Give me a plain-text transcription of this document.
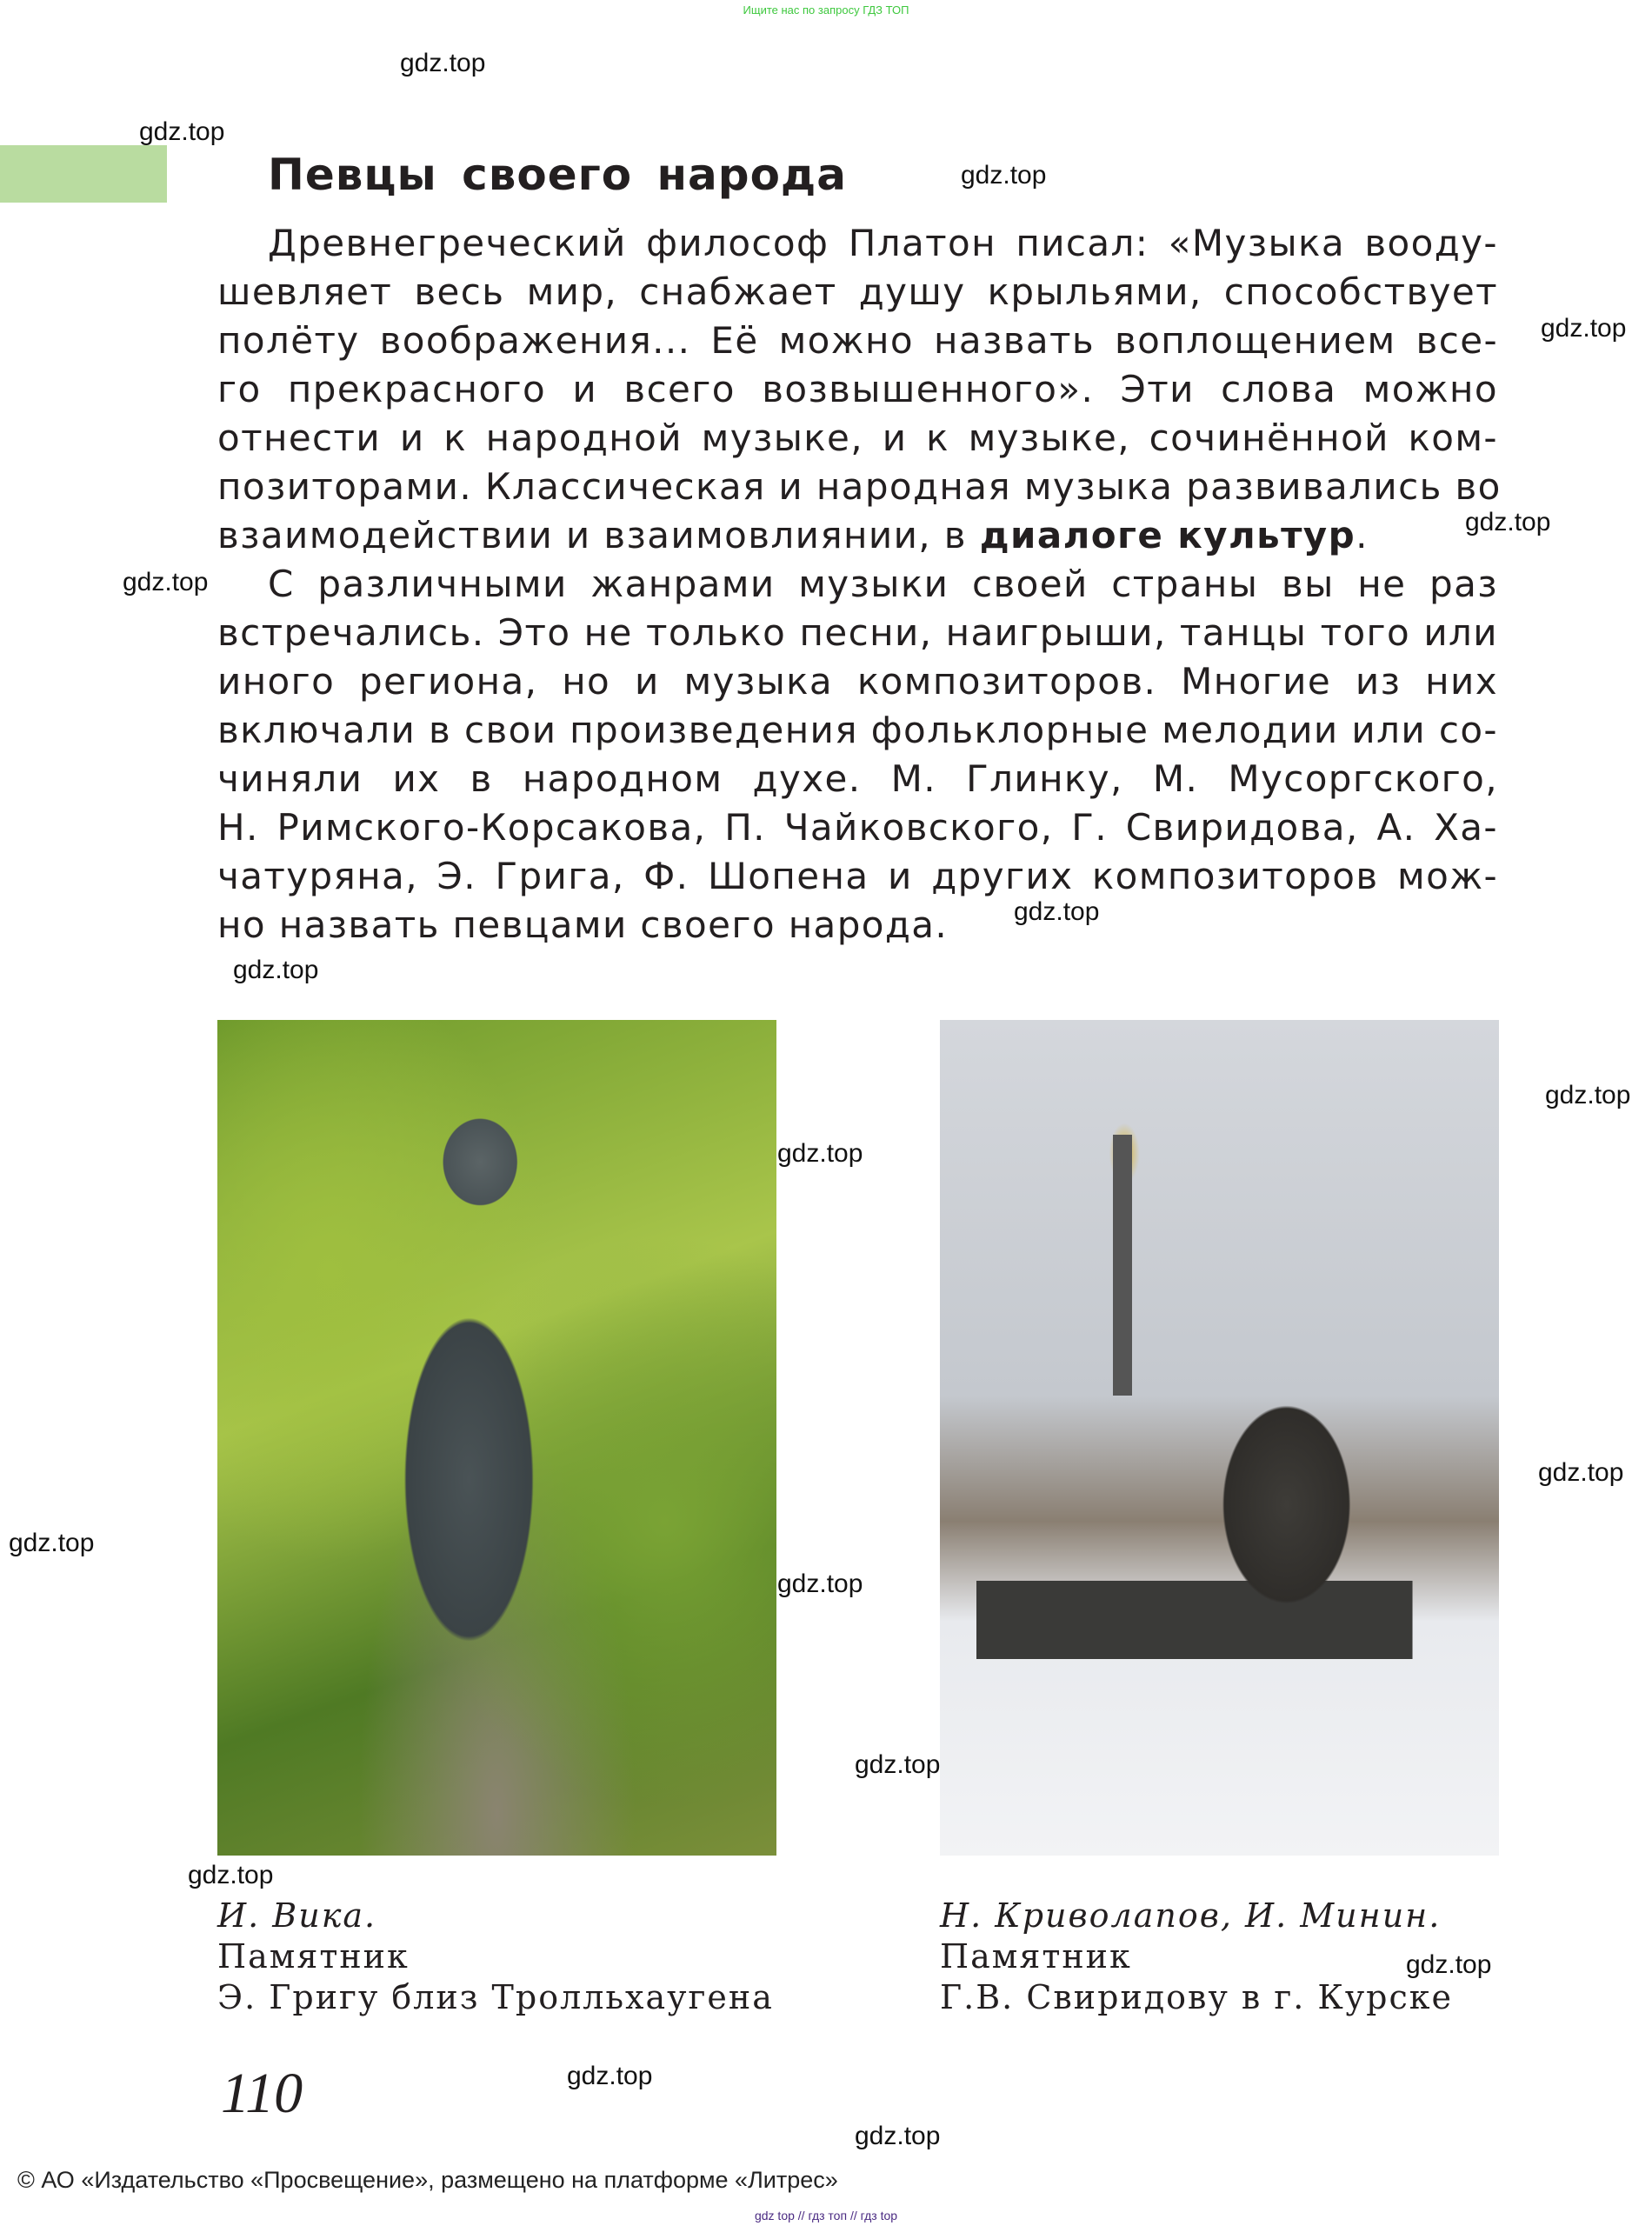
Ищите нас по запросу ГДЗ ТОП
Певцы своего народа
Древнегреческий философ Платон писал: «Музыка вооду-
шевляет весь мир, снабжает душу крыльями, способствует
полёту воображения... Её можно назвать воплощением все-
го прекрасного и всего возвышенного». Эти слова можно
отнести и к народной музыке, и к музыке, сочинённой ком-
позиторами. Классическая и народная музыка развивались во
взаимодействии и взаимовлиянии, в диалоге культур.
С различными жанрами музыки своей страны вы не раз
встречались. Это не только песни, наигрыши, танцы того или
иного региона, но и музыка композиторов. Многие из них
включали в свои произведения фольклорные мелодии или со-
чиняли их в народном духе. М. Глинку, М. Мусоргского,
Н. Римского-Корсакова, П. Чайковского, Г. Свиридова, А. Ха-
чатуряна, Э. Грига, Ф. Шопена и других композиторов мож-
но назвать певцами своего народа.
И. Вика.
Памятник
Э. Григу близ Тролльхаугена
Н. Криволапов, И. Минин.
Памятник
Г.В. Свиридову в г. Курске
110
© АО «Издательство «Просвещение», размещено на платформе «Литрес»
gdz top // гдз топ // гдз top
gdz.top
gdz.top
gdz.top
gdz.top
gdz.top
gdz.top
gdz.top
gdz.top
gdz.top
gdz.top
gdz.top
gdz.top
gdz.top
gdz.top
gdz.top
gdz.top
gdz.top
gdz.top
